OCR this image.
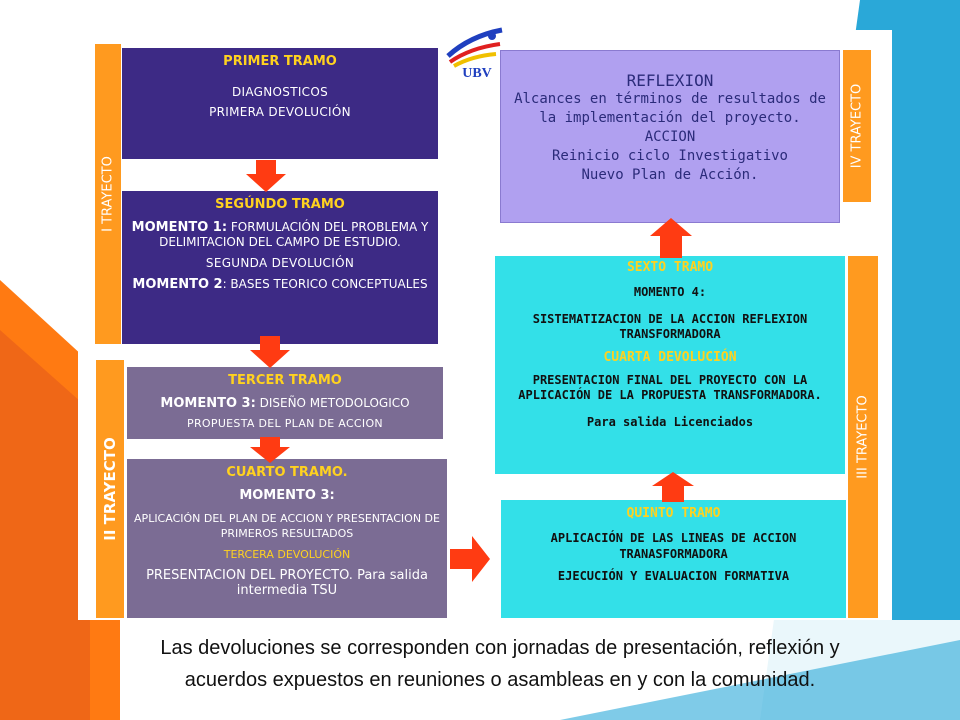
UBV
I TRAYECTO
II TRAYECTO
III TRAYECTO
IV TRAYECTO

PRIMER TRAMO

DIAGNOSTICOS

PRIMERA DEVOLUCIÓN

SEGÚNDO TRAMO

MOMENTO 1: FORMULACIÓN DEL PROBLEMA Y DELIMITACION DEL CAMPO DE ESTUDIO.

SEGUNDA DEVOLUCIÓN

MOMENTO 2: BASES TEORICO CONCEPTUALES

TERCER TRAMO

MOMENTO 3: DISEÑO METODOLOGICO

PROPUESTA DEL PLAN DE ACCION

CUARTO TRAMO.

MOMENTO 3:

APLICACIÓN DEL PLAN DE ACCION Y PRESENTACION DE PRIMEROS RESULTADOS

TERCERA DEVOLUCIÓN

PRESENTACION DEL PROYECTO. Para salida intermedia TSU

QUINTO TRAMO

APLICACIÓN DE LAS LINEAS DE ACCION TRANASFORMADORA

EJECUCIÓN Y EVALUACION FORMATIVA

SEXTO TRAMO

MOMENTO 4:

SISTEMATIZACION DE LA ACCION REFLEXION TRANSFORMADORA

CUARTA DEVOLUCIÓN

PRESENTACION FINAL DEL PROYECTO CON LA APLICACIÓN DE LA PROPUESTA TRANSFORMADORA.

Para salida Licenciados

REFLEXION

Alcances en términos de resultados de la implementación del proyecto.

ACCION

Reinicio ciclo Investigativo

Nuevo Plan de Acción.

Las devoluciones se corresponden con jornadas de presentación, reflexión y
acuerdos expuestos en reuniones o asambleas en y con la comunidad.
